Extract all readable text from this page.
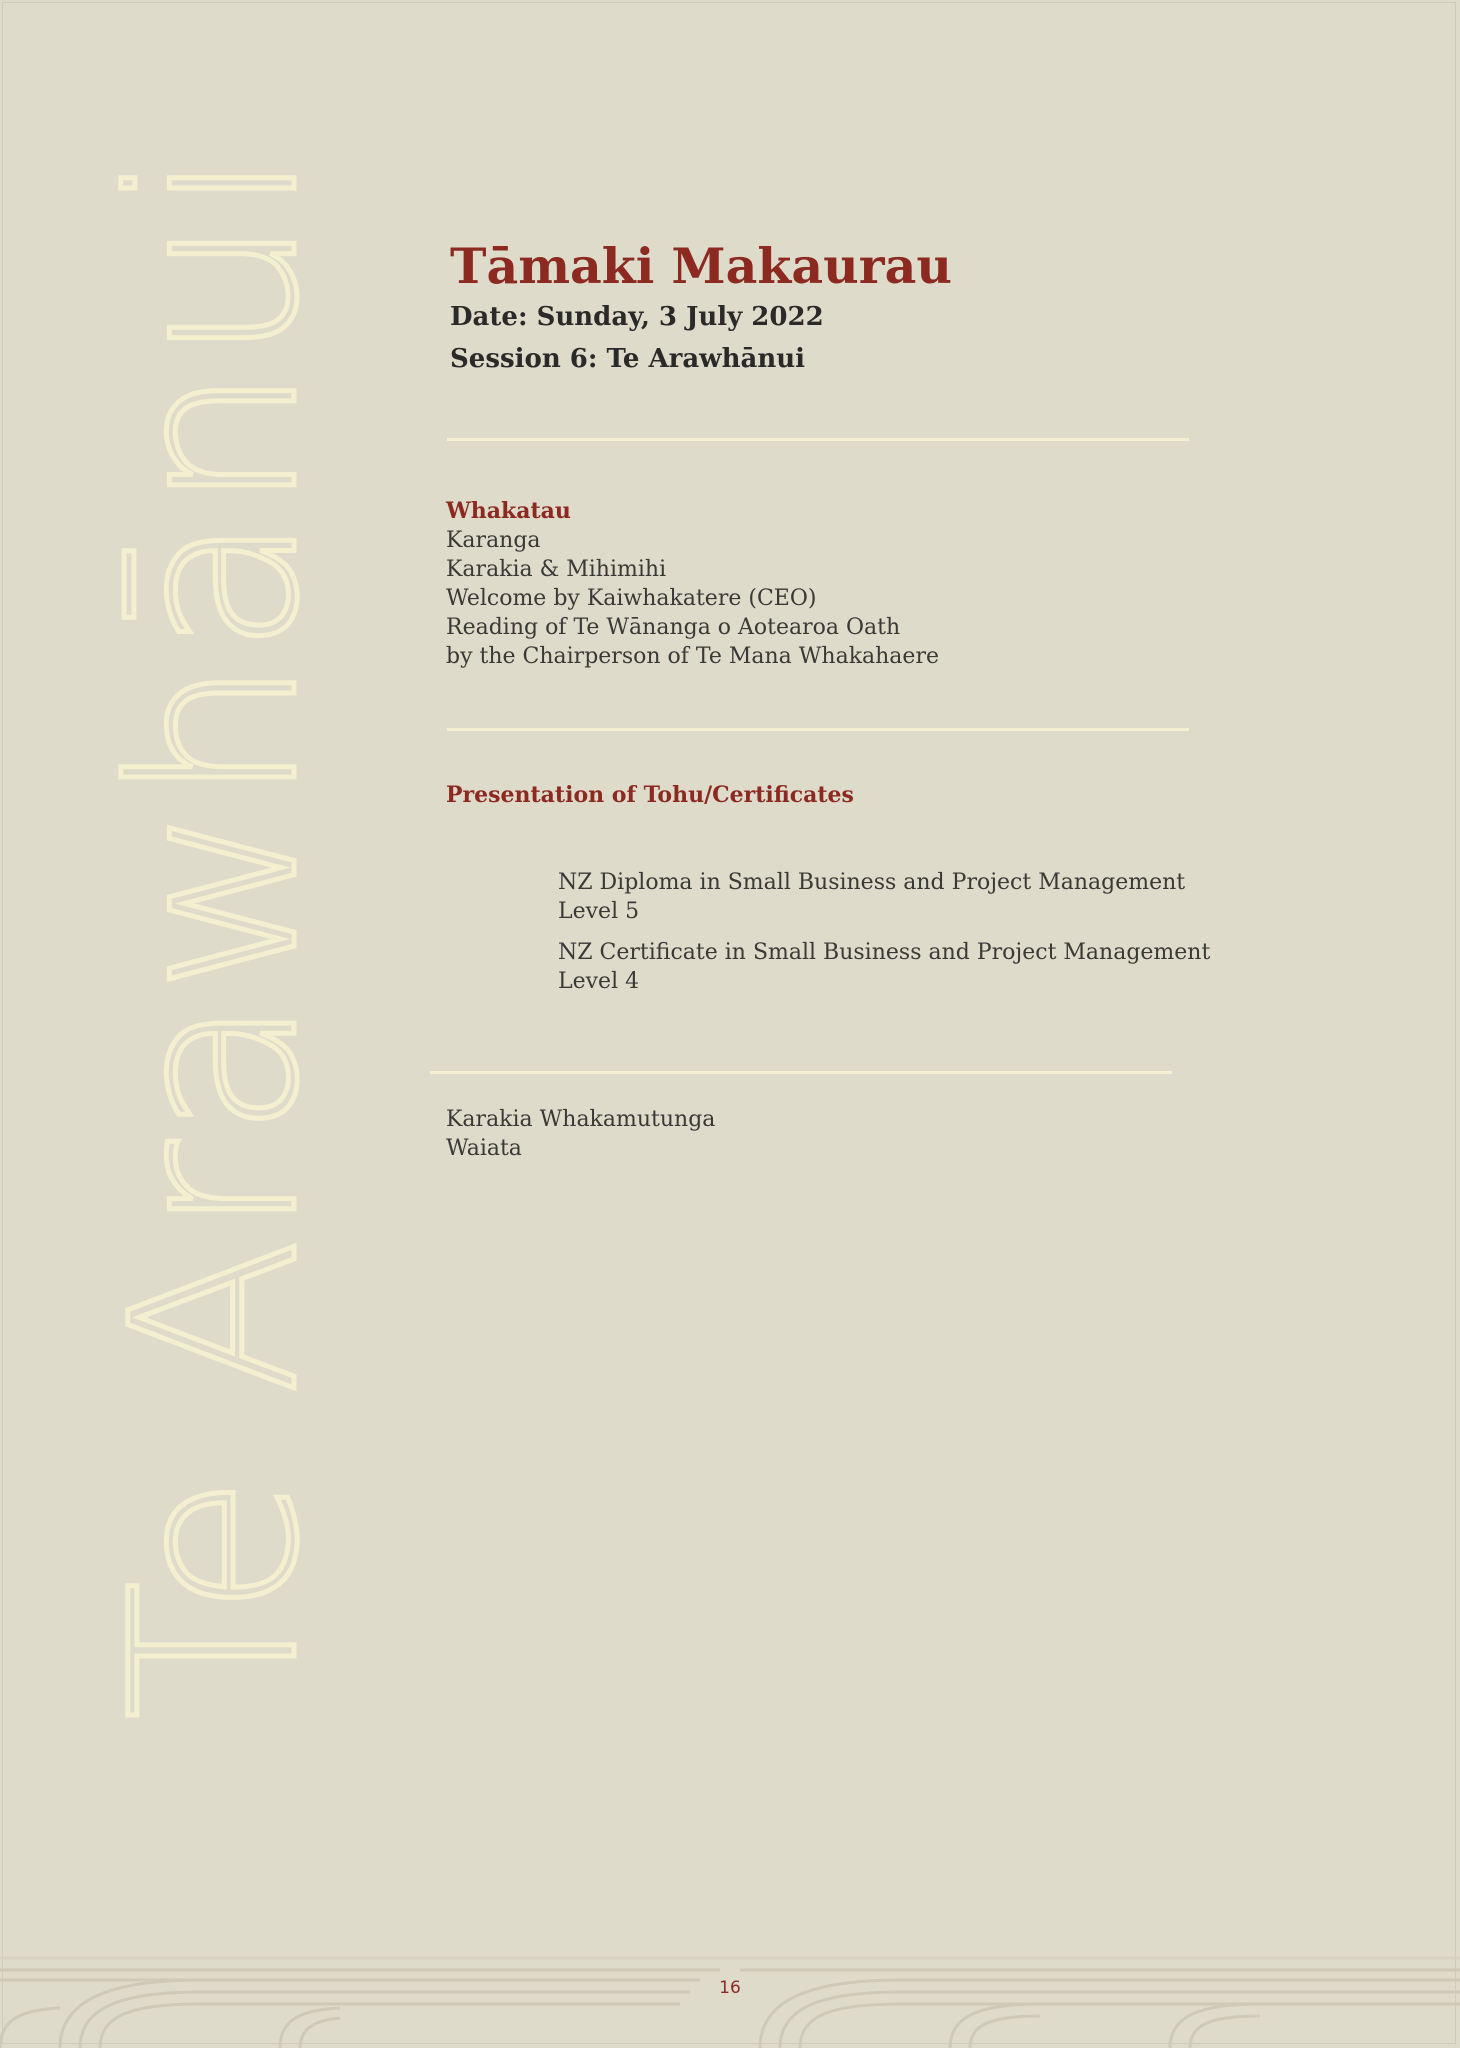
Te Arawhānui Tāmaki Makaurau
Date: Sunday, 3 July 2022
Session 6: Te Arawhānui
Whakatau
Karanga
Karakia & Mihimihi
Welcome by Kaiwhakatere (CEO)
Reading of Te Wānanga o Aotearoa Oath
by the Chairperson of Te Mana Whakahaere
Presentation of Tohu/Certificates
NZ Diploma in Small Business and Project Management
Level 5
NZ Certificate in Small Business and Project Management
Level 4
Karakia Whakamutunga
Waiata
16
